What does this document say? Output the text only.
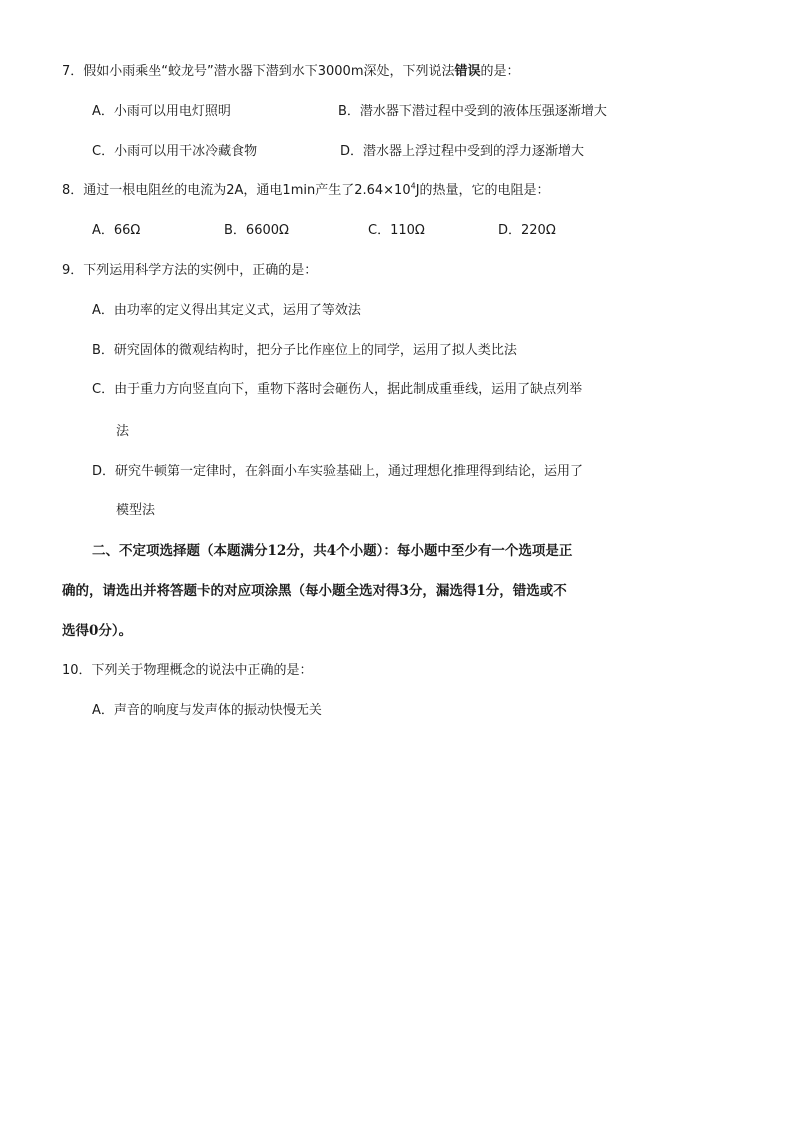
7．假如小雨乘坐“蛟龙号”潜水器下潜到水下3000m深处，下列说法错误的是：
A．小雨可以用电灯照明	B．潜水器下潜过程中受到的液体压强逐渐增大
C．小雨可以用干冰冷藏食物	D．潜水器上浮过程中受到的浮力逐渐增大
8．通过一根电阻丝的电流为2A，通电1min产生了$2.64\times 10^4J$的热量，它的电阻是：
A．66Ω	B．6600Ω	C．110Ω	D．220Ω
9．下列运用科学方法的实例中，正确的是：
A．由功率的定义得出其定义式，运用了等效法
B．研究固体的微观结构时，把分子比作座位上的同学，运用了拟人类比法
C．由于重力方向竖直向下，重物下落时会砸伤人，据此制成重垂线，运用了缺点列举
法
D．研究牛顿第一定律时，在斜面小车实验基础上，通过理想化推理得到结论，运用了
模型法
二、不定项选择题（本题满分12分，共4个小题）：每小题中至少有一个选项是正
确的，请选出并将答题卡的对应项涂黑（每小题全选对得3分，漏选得1分，错选或不
选得0分）。
10．下列关于物理概念的说法中正确的是：
A．声音的响度与发声体的振动快慢无关
